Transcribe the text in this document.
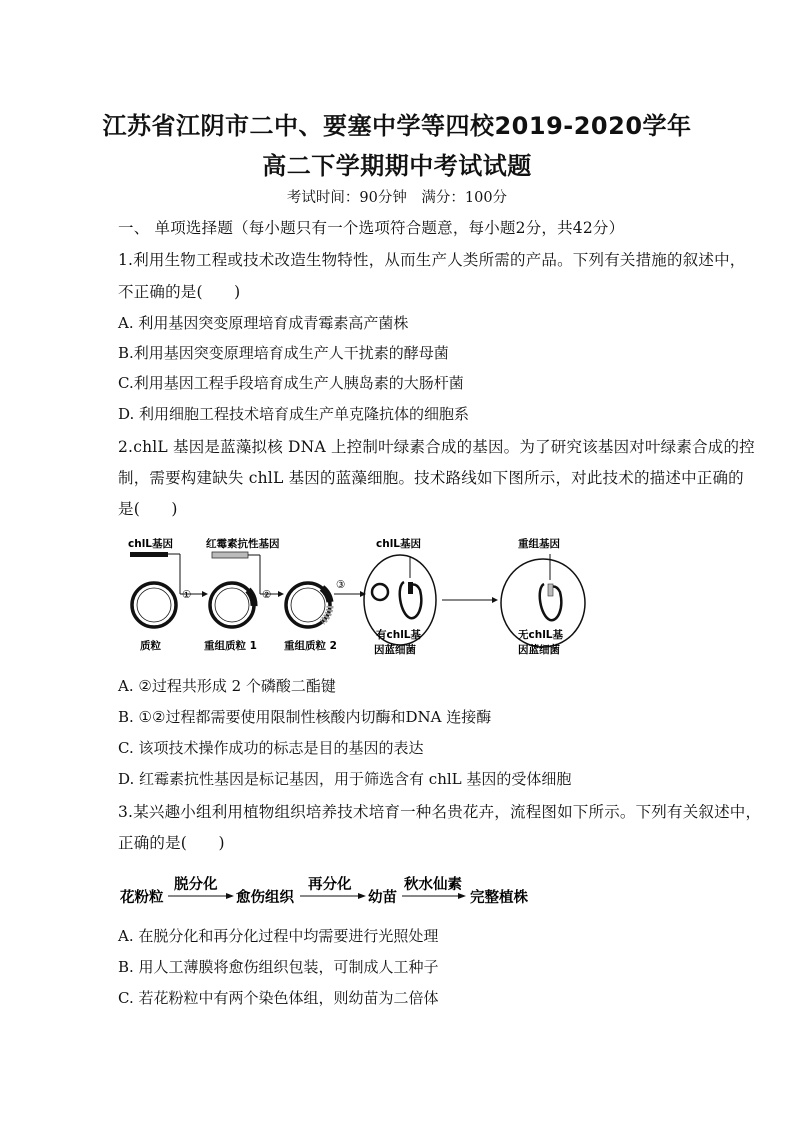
江苏省江阴市二中、要塞中学等四校2019-2020学年
高二下学期期中考试试题
考试时间：90分钟　满分：100分
一、 单项选择题（每小题只有一个选项符合题意，每小题2分，共42分）
1.利用生物工程或技术改造生物特性，从而生产人类所需的产品。下列有关措施的叙述中，
不正确的是(　　)
A. 利用基因突变原理培育成青霉素高产菌株
B.利用基因突变原理培育成生产人干扰素的酵母菌
C.利用基因工程手段培育成生产人胰岛素的大肠杆菌
D. 利用细胞工程技术培育成生产单克隆抗体的细胞系
2.chlL 基因是蓝藻拟核 DNA 上控制叶绿素合成的基因。为了研究该基因对叶绿素合成的控
制，需要构建缺失 chlL 基因的蓝藻细胞。技术路线如下图所示，对此技术的描述中正确的
是(　　)
chlL基因
①
质粒
红霉素抗性基因
②
重组质粒 1	重组质粒 2
③
chlL基因
有chlL基
因蓝细菌
重组基因
无chlL基
因蓝细菌
A. ②过程共形成 2 个磷酸二酯键
B. ①②过程都需要使用限制性核酸内切酶和DNA 连接酶
C. 该项技术操作成功的标志是目的基因的表达
D. 红霉素抗性基因是标记基因，用于筛选含有 chlL 基因的受体细胞
3.某兴趣小组利用植物组织培养技术培育一种名贵花卉，流程图如下所示。下列有关叙述中，
正确的是(　　)
花粉粒
脱分化
愈伤组织
再分化
幼苗
秋水仙素
完整植株
A. 在脱分化和再分化过程中均需要进行光照处理
B. 用人工薄膜将愈伤组织包装，可制成人工种子
C. 若花粉粒中有两个染色体组，则幼苗为二倍体
